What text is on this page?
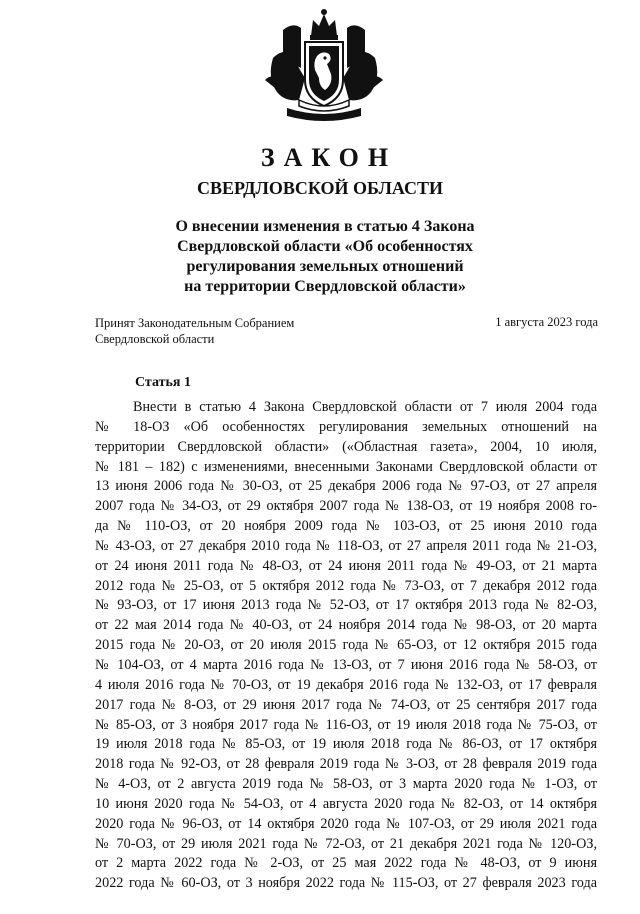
ЗАКОН
СВЕРДЛОВСКОЙ ОБЛАСТИ
О внесении изменения в статью 4 Закона
Свердловской области «Об особенностях
регулирования земельных отношений
на территории Свердловской области»
Принят Законодательным Собранием
Свердловской области
1 августа 2023 года
Статья 1
Внести в статью 4 Закона Свердловской области от 7 июля 2004 года
№ 18-ОЗ «Об особенностях регулирования земельных отношений на
территории Свердловской области» («Областная газета», 2004, 10 июля,
№ 181 – 182) с изменениями, внесенными Законами Свердловской области от
13 июня 2006 года № 30-ОЗ, от 25 декабря 2006 года № 97-ОЗ, от 27 апреля
2007 года № 34-ОЗ, от 29 октября 2007 года № 138-ОЗ, от 19 ноября 2008 го-
да № 110-ОЗ, от 20 ноября 2009 года № 103-ОЗ, от 25 июня 2010 года
№ 43-ОЗ, от 27 декабря 2010 года № 118-ОЗ, от 27 апреля 2011 года № 21-ОЗ,
от 24 июня 2011 года № 48-ОЗ, от 24 июня 2011 года № 49-ОЗ, от 21 марта
2012 года № 25-ОЗ, от 5 октября 2012 года № 73-ОЗ, от 7 декабря 2012 года
№ 93-ОЗ, от 17 июня 2013 года № 52-ОЗ, от 17 октября 2013 года № 82-ОЗ,
от 22 мая 2014 года № 40-ОЗ, от 24 ноября 2014 года № 98-ОЗ, от 20 марта
2015 года № 20-ОЗ, от 20 июля 2015 года № 65-ОЗ, от 12 октября 2015 года
№ 104-ОЗ, от 4 марта 2016 года № 13-ОЗ, от 7 июня 2016 года № 58-ОЗ, от
4 июля 2016 года № 70-ОЗ, от 19 декабря 2016 года № 132-ОЗ, от 17 февраля
2017 года № 8-ОЗ, от 29 июня 2017 года № 74-ОЗ, от 25 сентября 2017 года
№ 85-ОЗ, от 3 ноября 2017 года № 116-ОЗ, от 19 июля 2018 года № 75-ОЗ, от
19 июля 2018 года № 85-ОЗ, от 19 июля 2018 года № 86-ОЗ, от 17 октября
2018 года № 92-ОЗ, от 28 февраля 2019 года № 3-ОЗ, от 28 февраля 2019 года
№ 4-ОЗ, от 2 августа 2019 года № 58-ОЗ, от 3 марта 2020 года № 1-ОЗ, от
10 июня 2020 года № 54-ОЗ, от 4 августа 2020 года № 82-ОЗ, от 14 октября
2020 года № 96-ОЗ, от 14 октября 2020 года № 107-ОЗ, от 29 июля 2021 года
№ 70-ОЗ, от 29 июля 2021 года № 72-ОЗ, от 21 декабря 2021 года № 120-ОЗ,
от 2 марта 2022 года № 2-ОЗ, от 25 мая 2022 года № 48-ОЗ, от 9 июня
2022 года № 60-ОЗ, от 3 ноября 2022 года № 115-ОЗ, от 27 февраля 2023 года
